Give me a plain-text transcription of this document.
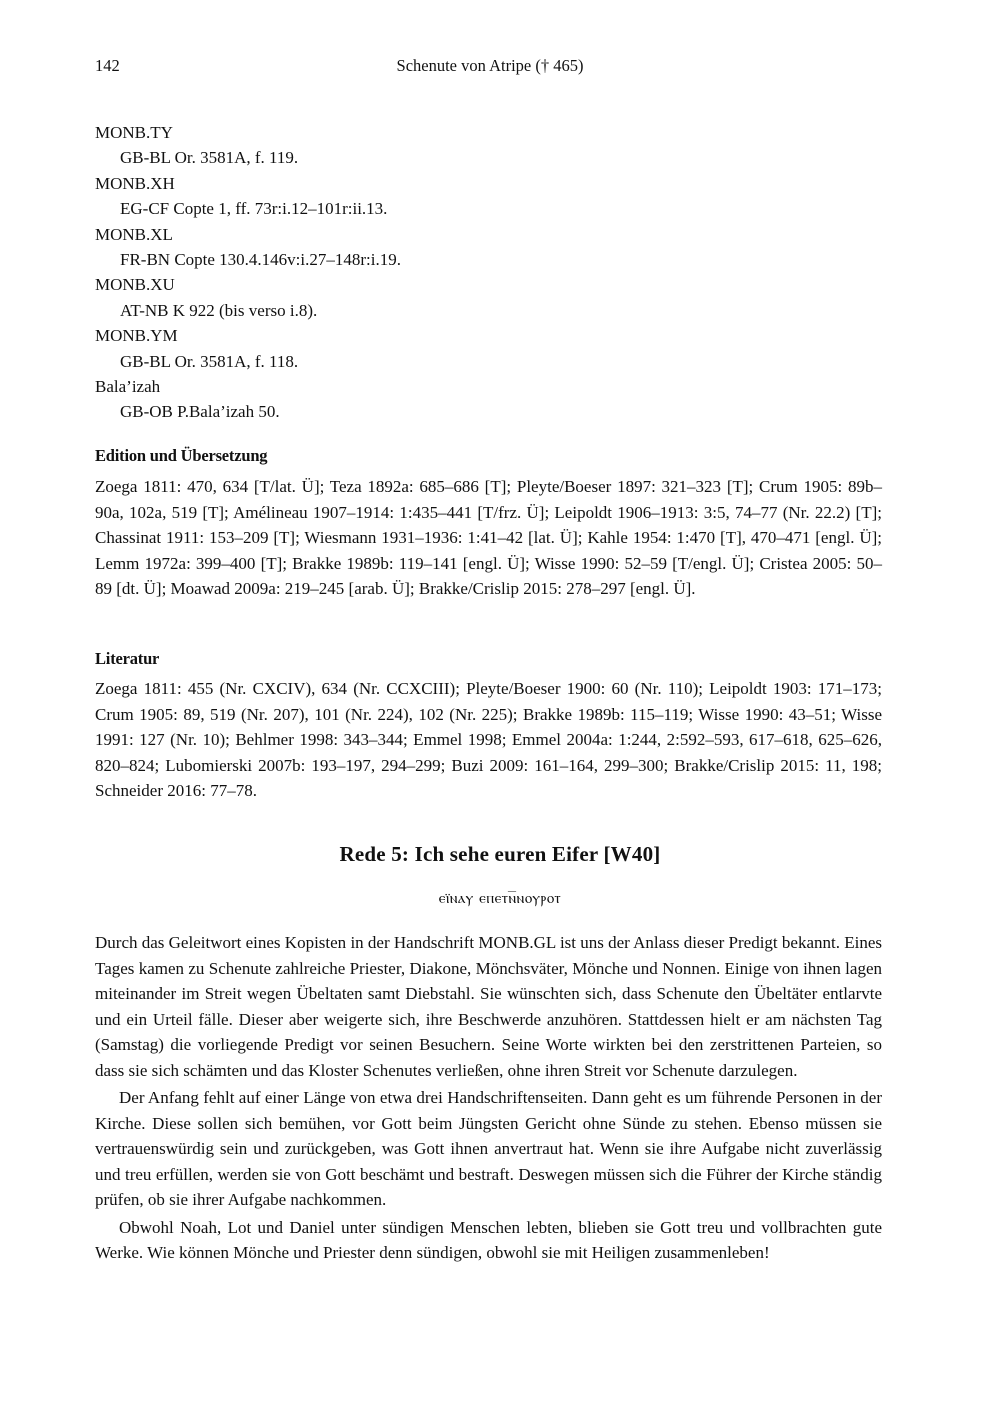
142	Schenute von Atripe († 465)
MONB.TY
GB-BL Or. 3581A, f. 119.
MONB.XH
EG-CF Copte 1, ff. 73r:i.12–101r:ii.13.
MONB.XL
FR-BN Copte 130.4.146v:i.27–148r:i.19.
MONB.XU
AT-NB K 922 (bis verso i.8).
MONB.YM
GB-BL Or. 3581A, f. 118.
Bala’izah
GB-OB P.Bala’izah 50.
Edition und Übersetzung

Zoega 1811: 470, 634 [T/lat. Ü]; Teza 1892a: 685–686 [T]; Pleyte/Boeser 1897: 321–323 [T]; Crum 1905: 89b–90a, 102a, 519 [T]; Amélineau 1907–1914: 1:435–441 [T/frz. Ü]; Leipoldt 1906–1913: 3:5, 74–77 (Nr. 22.2) [T]; Chassinat 1911: 153–209 [T]; Wiesmann 1931–1936: 1:41–42 [lat. Ü]; Kahle 1954: 1:470 [T], 470–471 [engl. Ü]; Lemm 1972a: 399–400 [T]; Brakke 1989b: 119–141 [engl. Ü]; Wisse 1990: 52–59 [T/engl. Ü]; Cristea 2005: 50–89 [dt. Ü]; Moawad 2009a: 219–245 [arab. Ü]; Brakke/Crislip 2015: 278–297 [engl. Ü].

Literatur

Zoega 1811: 455 (Nr. CXCIV), 634 (Nr. CCXCIII); Pleyte/Boeser 1900: 60 (Nr. 110); Leipoldt 1903: 171–173; Crum 1905: 89, 519 (Nr. 207), 101 (Nr. 224), 102 (Nr. 225); Brakke 1989b: 115–119; Wisse 1990: 43–51; Wisse 1991: 127 (Nr. 10); Behlmer 1998: 343–344; Emmel 1998; Emmel 2004a: 1:244, 2:592–593, 617–618, 625–626, 820–824; Lubomierski 2007b: 193–197, 294–299; Buzi 2009: 161–164, 299–300; Brakke/Crislip 2015: 11, 198; Schneider 2016: 77–78.

Rede 5: Ich sehe euren Eifer [W40]
ⲉⲓ̈ⲛⲁⲩ ⲉⲡⲉⲧⲛ̅ⲛⲟⲩⲣⲟⲧ

Durch das Geleitwort eines Kopisten in der Handschrift MONB.GL ist uns der Anlass dieser Predigt bekannt. Eines Tages kamen zu Schenute zahlreiche Priester, Diakone, Mönchsväter, Mönche und Nonnen. Einige von ihnen lagen miteinander im Streit wegen Übeltaten samt Diebstahl. Sie wünschten sich, dass Schenute den Übeltäter entlarvte und ein Urteil fälle. Dieser aber weigerte sich, ihre Beschwerde anzuhören. Stattdessen hielt er am nächsten Tag (Samstag) die vorliegende Predigt vor seinen Besuchern. Seine Worte wirkten bei den zerstrittenen Parteien, so dass sie sich schämten und das Kloster Schenutes verließen, ohne ihren Streit vor Schenute darzulegen.

Der Anfang fehlt auf einer Länge von etwa drei Handschriftenseiten. Dann geht es um führende Personen in der Kirche. Diese sollen sich bemühen, vor Gott beim Jüngsten Gericht ohne Sünde zu stehen. Ebenso müssen sie vertrauenswürdig sein und zurückgeben, was Gott ihnen anvertraut hat. Wenn sie ihre Aufgabe nicht zuverlässig und treu erfüllen, werden sie von Gott beschämt und bestraft. Deswegen müssen sich die Führer der Kirche ständig prüfen, ob sie ihrer Aufgabe nachkommen.

Obwohl Noah, Lot und Daniel unter sündigen Menschen lebten, blieben sie Gott treu und vollbrachten gute Werke. Wie können Mönche und Priester denn sündigen, obwohl sie mit Heiligen zusammenleben!
